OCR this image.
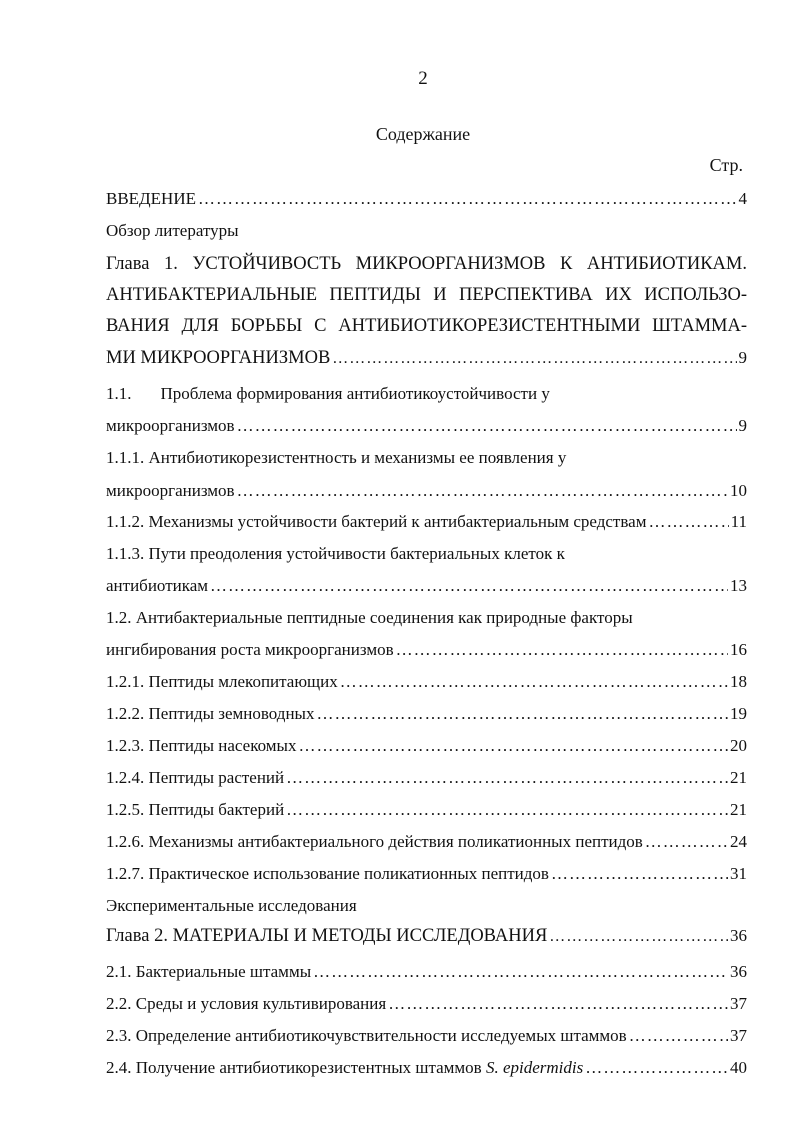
2
Содержание
Стр.
ВВЕДЕНИЕ ……………………………………………………………………………………………………………………………………………………………………………………………………	4
Обзор литературы
Глава 1. УСТОЙЧИВОСТЬ МИКРООРГАНИЗМОВ К АНТИБИОТИКАМ.
АНТИБАКТЕРИАЛЬНЫЕ ПЕПТИДЫ И ПЕРСПЕКТИВА ИХ ИСПОЛЬЗО-
ВАНИЯ ДЛЯ БОРЬБЫ С АНТИБИОТИКОРЕЗИСТЕНТНЫМИ ШТАММА-
МИ МИКРООРГАНИЗМОВ ……………………………………………………………………………………………………………………………………………………………………	9
1.1. Проблема формирования антибиотикоустойчивости у
микроорганизмов ……………………………………………………………………………………………………………………………………………………………………………………………………	9
1.1.1. Антибиотикорезистентность и механизмы ее появления у
микроорганизмов ……………………………………………………………………………………………………………………………………………………………………………………………………	10
1.1.2. Механизмы устойчивости бактерий к антибактериальным средствам ……………………………………………………………………………………………………………………………………………………………………………………………………	11
1.1.3. Пути преодоления устойчивости бактериальных клеток к
антибиотикам ……………………………………………………………………………………………………………………………………………………………………………………………………	13
1.2. Антибактериальные пептидные соединения как природные факторы
ингибирования роста микроорганизмов ……………………………………………………………………………………………………………………………………………………………………………………………………	16
1.2.1. Пептиды млекопитающих ……………………………………………………………………………………………………………………………………………………………………………………………………	18
1.2.2. Пептиды земноводных ……………………………………………………………………………………………………………………………………………………………………………………………………	19
1.2.3. Пептиды насекомых ……………………………………………………………………………………………………………………………………………………………………………………………………	20
1.2.4. Пептиды растений ……………………………………………………………………………………………………………………………………………………………………………………………………	21
1.2.5. Пептиды бактерий ……………………………………………………………………………………………………………………………………………………………………………………………………	21
1.2.6. Механизмы антибактериального действия поликатионных пептидов ……………………………………………………………………………………………………………………………………………………………………………………………………	24
1.2.7. Практическое использование поликатионных пептидов ……………………………………………………………………………………………………………………………………………………………………………………………………	31
Экспериментальные исследования
Глава 2. МАТЕРИАЛЫ И МЕТОДЫ ИССЛЕДОВАНИЯ ……………………………………………………………………………………………………………………………………………………………………	36
2.1. Бактериальные штаммы ……………………………………………………………………………………………………………………………………………………………………………………………………	36
2.2. Среды и условия культивирования ……………………………………………………………………………………………………………………………………………………………………………………………………	37
2.3. Определение антибиотикочувствительности исследуемых штаммов ……………………………………………………………………………………………………………………………………………………………………………………………………	37
2.4. Получение антибиотикорезистентных штаммов S. epidermidis ……………………………………………………………………………………………………………………………………………………………………………………………………	40
